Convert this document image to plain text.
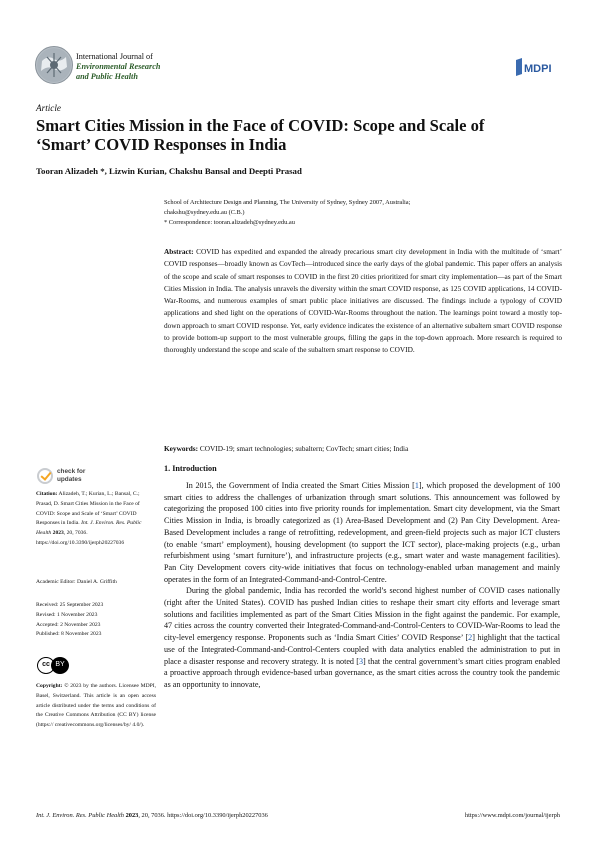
International Journal of
Environmental Research
and Public Health
MDPI
Article
Smart Cities Mission in the Face of COVID: Scope and Scale of ‘Smart’ COVID Responses in India
Tooran Alizadeh *, Lizwin Kurian, Chakshu Bansal and Deepti Prasad
School of Architecture Design and Planning, The University of Sydney, Sydney 2007, Australia;
chakshu@sydney.edu.au (C.B.)
* Correspondence: tooran.alizadeh@sydney.edu.au
Abstract: COVID has expedited and expanded the already precarious smart city development in India with the multitude of ‘smart’ COVID responses—broadly known as CovTech—introduced since the early days of the global pandemic. This paper offers an analysis of the scope and scale of smart responses to COVID in the first 20 cities prioritized for smart city implementation—as part of the Smart Cities Mission in India. The analysis unravels the diversity within the smart COVID response, as 125 COVID applications, 14 COVID-War-Rooms, and numerous examples of smart public place initiatives are discussed. The findings include a typology of COVID applications and shed light on the operations of COVID-War-Rooms throughout the nation. The learnings point toward a mostly top-down approach to smart COVID response. Yet, early evidence indicates the existence of an alternative subaltern smart COVID response to provide bottom-up support to the most vulnerable groups, filling the gaps in the top-down approach. More research is required to thoroughly understand the scope and scale of the subaltern smart response to COVID.
Keywords: COVID-19; smart technologies; subaltern; CovTech; smart cities; India
check for
updates
Citation: Alizadeh, T.; Kurian, L.; Bansal, C.; Prasad, D. Smart Cities Mission in the Face of COVID: Scope and Scale of ‘Smart’ COVID Responses in India. Int. J. Environ. Res. Public Health 2023, 20, 7036. https://doi.org/10.3390/ijerph20227036
Academic Editor: Daniel A. Griffith
Received: 25 September 2023
Revised: 1 November 2023
Accepted: 2 November 2023
Published: 8 November 2023
cc BY
Copyright: © 2023 by the authors. Licensee MDPI, Basel, Switzerland. This article is an open access article distributed under the terms and conditions of the Creative Commons Attribution (CC BY) license (https:// creativecommons.org/licenses/by/ 4.0/).
1. Introduction

In 2015, the Government of India created the Smart Cities Mission [1], which proposed the development of 100 smart cities to address the challenges of urbanization through smart solutions. This announcement was followed by categorizing the proposed 100 cities into five priority rounds for implementation. Smart city development, via the Smart Cities Mission in India, is broadly categorized as (1) Area-Based Development and (2) Pan City Development. Area-Based Development includes a range of retrofitting, redevelopment, and green-field projects such as major ICT clusters (to enable ‘smart’ employment), housing development (to support the ICT sector), place-making projects (e.g., urban refurbishment using ‘smart furniture’), and infrastructure projects (e.g., smart water and waste management facilities). Pan City Development covers city-wide initiatives that focus on technology-enabled urban management and mainly operates in the form of an Integrated-Command-and-Control-Centre.

During the global pandemic, India has recorded the world’s second highest number of COVID cases nationally (right after the United States). COVID has pushed Indian cities to reshape their smart city efforts and leverage smart solutions and facilities implemented as part of the Smart Cities Mission in the fight against the pandemic. For example, 47 cities across the country converted their Integrated-Command-and-Control-Centers to COVID-War-Rooms to lead the city-level emergency response. Proponents such as ‘India Smart Cities’ COVID Response’ [2] highlight that the tactical use of the Integrated-Command-and-Control-Centers coupled with data analytics enabled the administration to put in place a disaster response and recovery strategy. It is noted [3] that the central government’s smart cities program enabled a proactive approach through evidence-based urban governance, as the smart cities across the country took the pandemic as an opportunity to innovate,

Int. J. Environ. Res. Public Health 2023, 20, 7036. https://doi.org/10.3390/ijerph20227036	https://www.mdpi.com/journal/ijerph
